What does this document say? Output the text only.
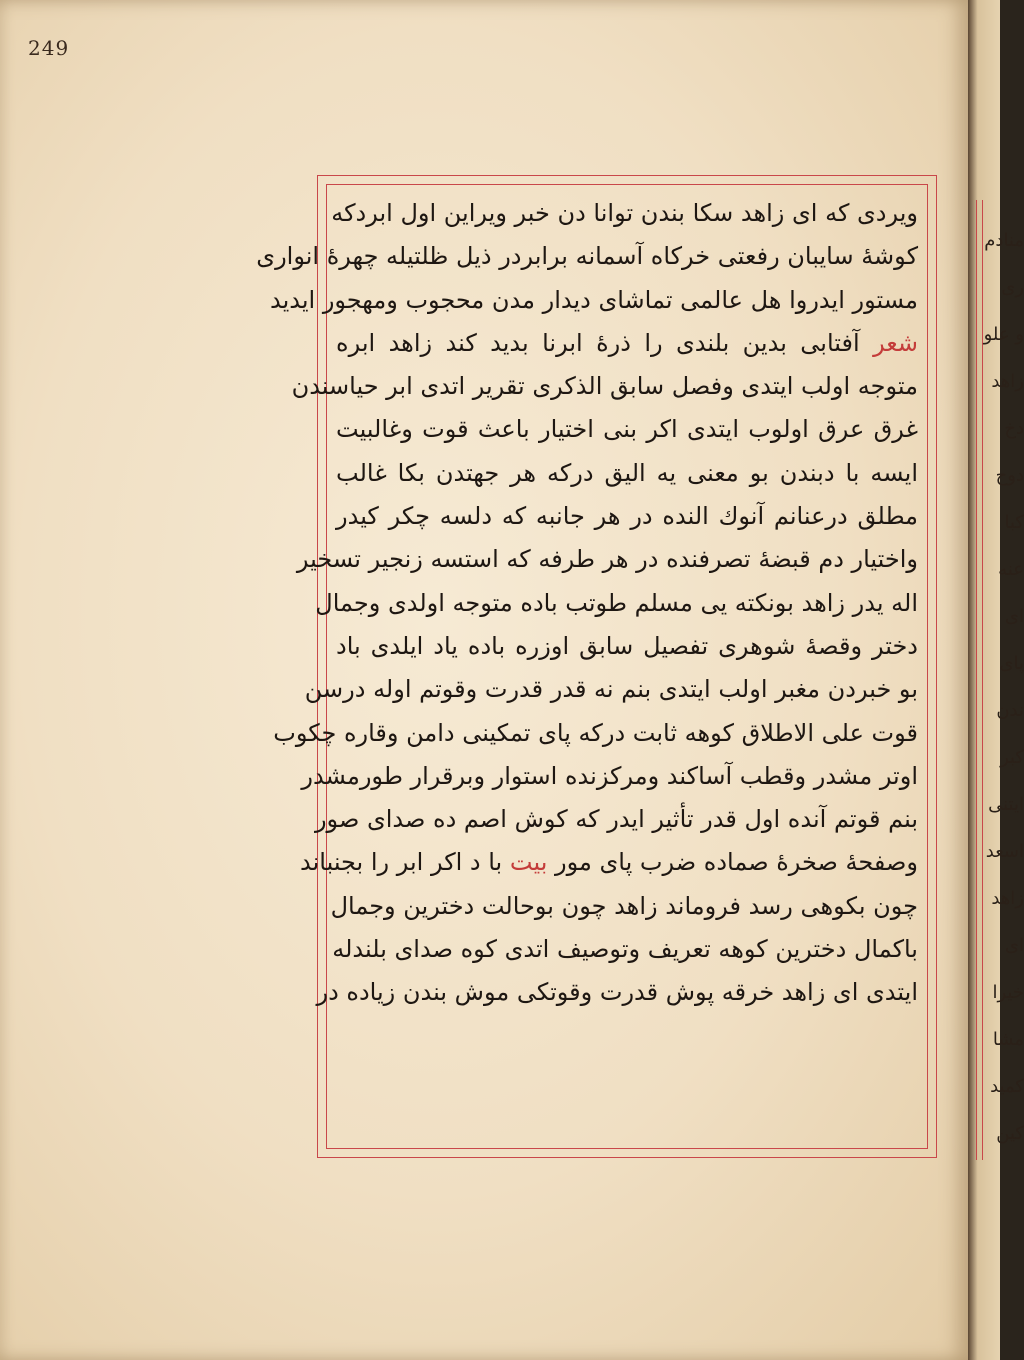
249
ویردی که ای زاهد سکا بندن توانا دن خبر ویراین اول ابردکه
کوشهٔ سایبان رفعتی خرکاه آسمانه برابردر ذیل ظلتیله چهرهٔ انواری
مستور ایدروا هل عالمی تماشای دیدار مدن محجوب ومهجور ایدید
شعر آفتابی بدین بلندی را ذرهٔ ابرنا بدید کند زاهد ابره
متوجه اولب ایتدی وفصل سابق الذکری تقریر اتدی ابر حیاسندن
غرق عرق اولوب ایتدی اکر بنی اختیار باعث قوت وغالبیت
ایسه با دبندن بو معنی یه الیق درکه هر جهتدن بکا غالب
مطلق درعنانم آنوك النده در هر جانبه که دلسه چکر کیدر
واختیار دم قبضهٔ تصرفنده در هر طرفه که استسه زنجیر تسخیر
اله یدر زاهد بونکته یی مسلم طوتب باده متوجه اولدی وجمال
دختر وقصهٔ شوهری تفصیل سابق اوزره باده یاد ایلدی باد
بو خبردن مغبر اولب ایتدی بنم نه قدر قدرت وقوتم اوله درسن
قوت علی الاطلاق کوهه ثابت درکه پای تمکینی دامن وقاره چکوب
اوتر مشدر وقطب آساکند ومرکزنده استوار وبرقرار طورمشدر
بنم قوتم آنده اول قدر تأثیر ایدر که کوش اصم ده صدای صور
وصفحهٔ صخرهٔ صماده ضرب پای مور بیت با د اکر ابر را بجنباند
چون بکوهی رسد فروماند زاهد چون بوحالت دخترین وجمال
باکمال دخترین کوهه تعریف وتوصیف اتدی کوه صدای بلندله
ایتدی ای زاهد خرقه پوش قدرت وقوتکی موش بندن زیاده در
منادم
ری
و علو
زاهد
دخ
دوح
کبا
عنه
ای
پای
ندن
کبر
ایتنی
اسعد
زاهد
ای
خیرا
مشا
کمید
کین
